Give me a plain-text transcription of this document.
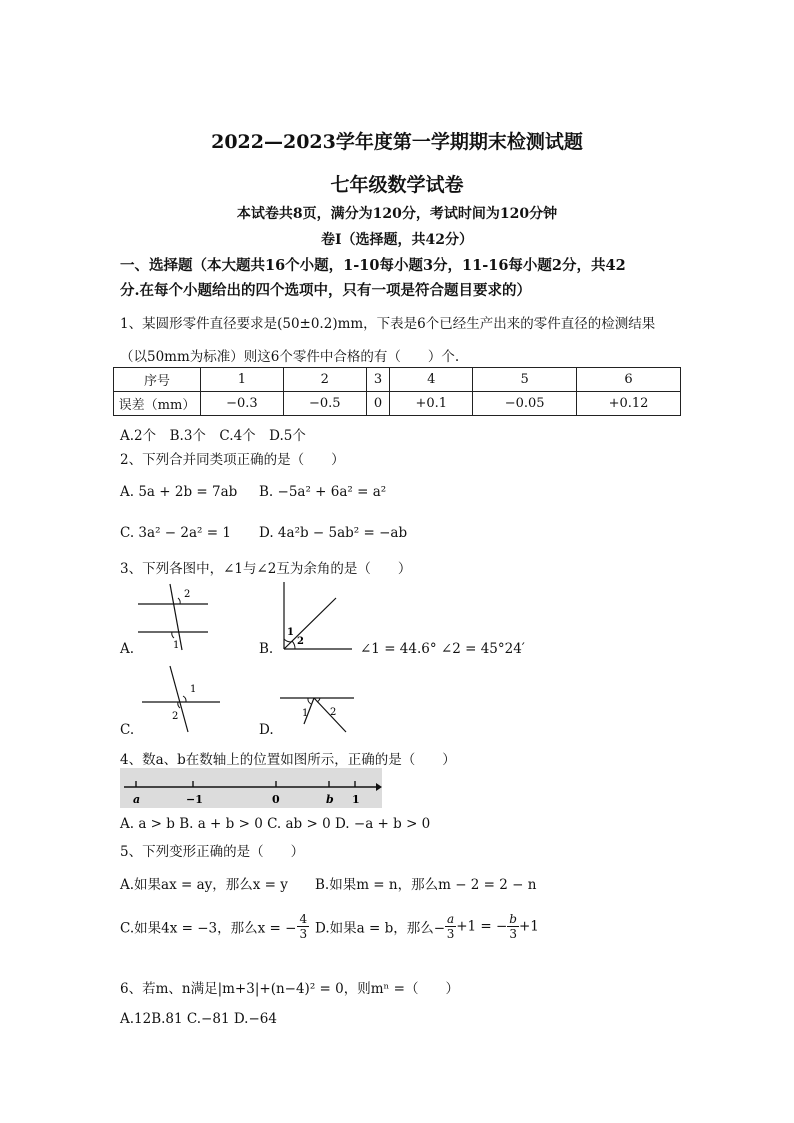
2022—2023学年度第一学期期末检测试题
七年级数学试卷
本试卷共8页，满分为120分，考试时间为120分钟
卷Ⅰ（选择题，共42分）
一、选择题（本大题共16个小题，1-10每小题3分，11-16每小题2分，共42
分.在每个小题给出的四个选项中，只有一项是符合题目要求的）
1、某圆形零件直径要求是(50±0.2)mm，下表是6个已经生产出来的零件直径的检测结果
（以50mm为标准）则这6个零件中合格的有（　　）个.
序号	1	2	3	4	5	6
误差（mm）	−0.3	−0.5	0	+0.1	−0.05	+0.12
A.2个　B.3个　C.4个　D.5个
2、下列合并同类项正确的是（　　）
A. 5a + 2b = 7ab B. −5a² + 6a² = a²
C. 3a² − 2a² = 1 D. 4a²b − 5ab² = −ab
3、下列各图中，∠1与∠2互为余角的是（　　）
2
1
A.
1
2
B.	∠1 = 44.6° ∠2 = 45°24′
1
2
C.
1 2
D.
4、数a、b在数轴上的位置如图所示，正确的是（　　）
a	−1	0	b 1
A. a > b B. a + b > 0 C. ab > 0 D. −a + b > 0
5、下列变形正确的是（　　）
A.如果ax = ay，那么x = y B.如果m = n，那么m − 2 = 2 − n
C.如果4x = −3，那么x = − $\frac{4}{3} D$.如果a = b，那么− $\frac{a}{3} +1$ = − $\frac{b}{3} +1$
6、若m、n满足|m+3|+(n−4)² = 0，则mⁿ =（　　）
A.12B.81 C.−81 D.−64
